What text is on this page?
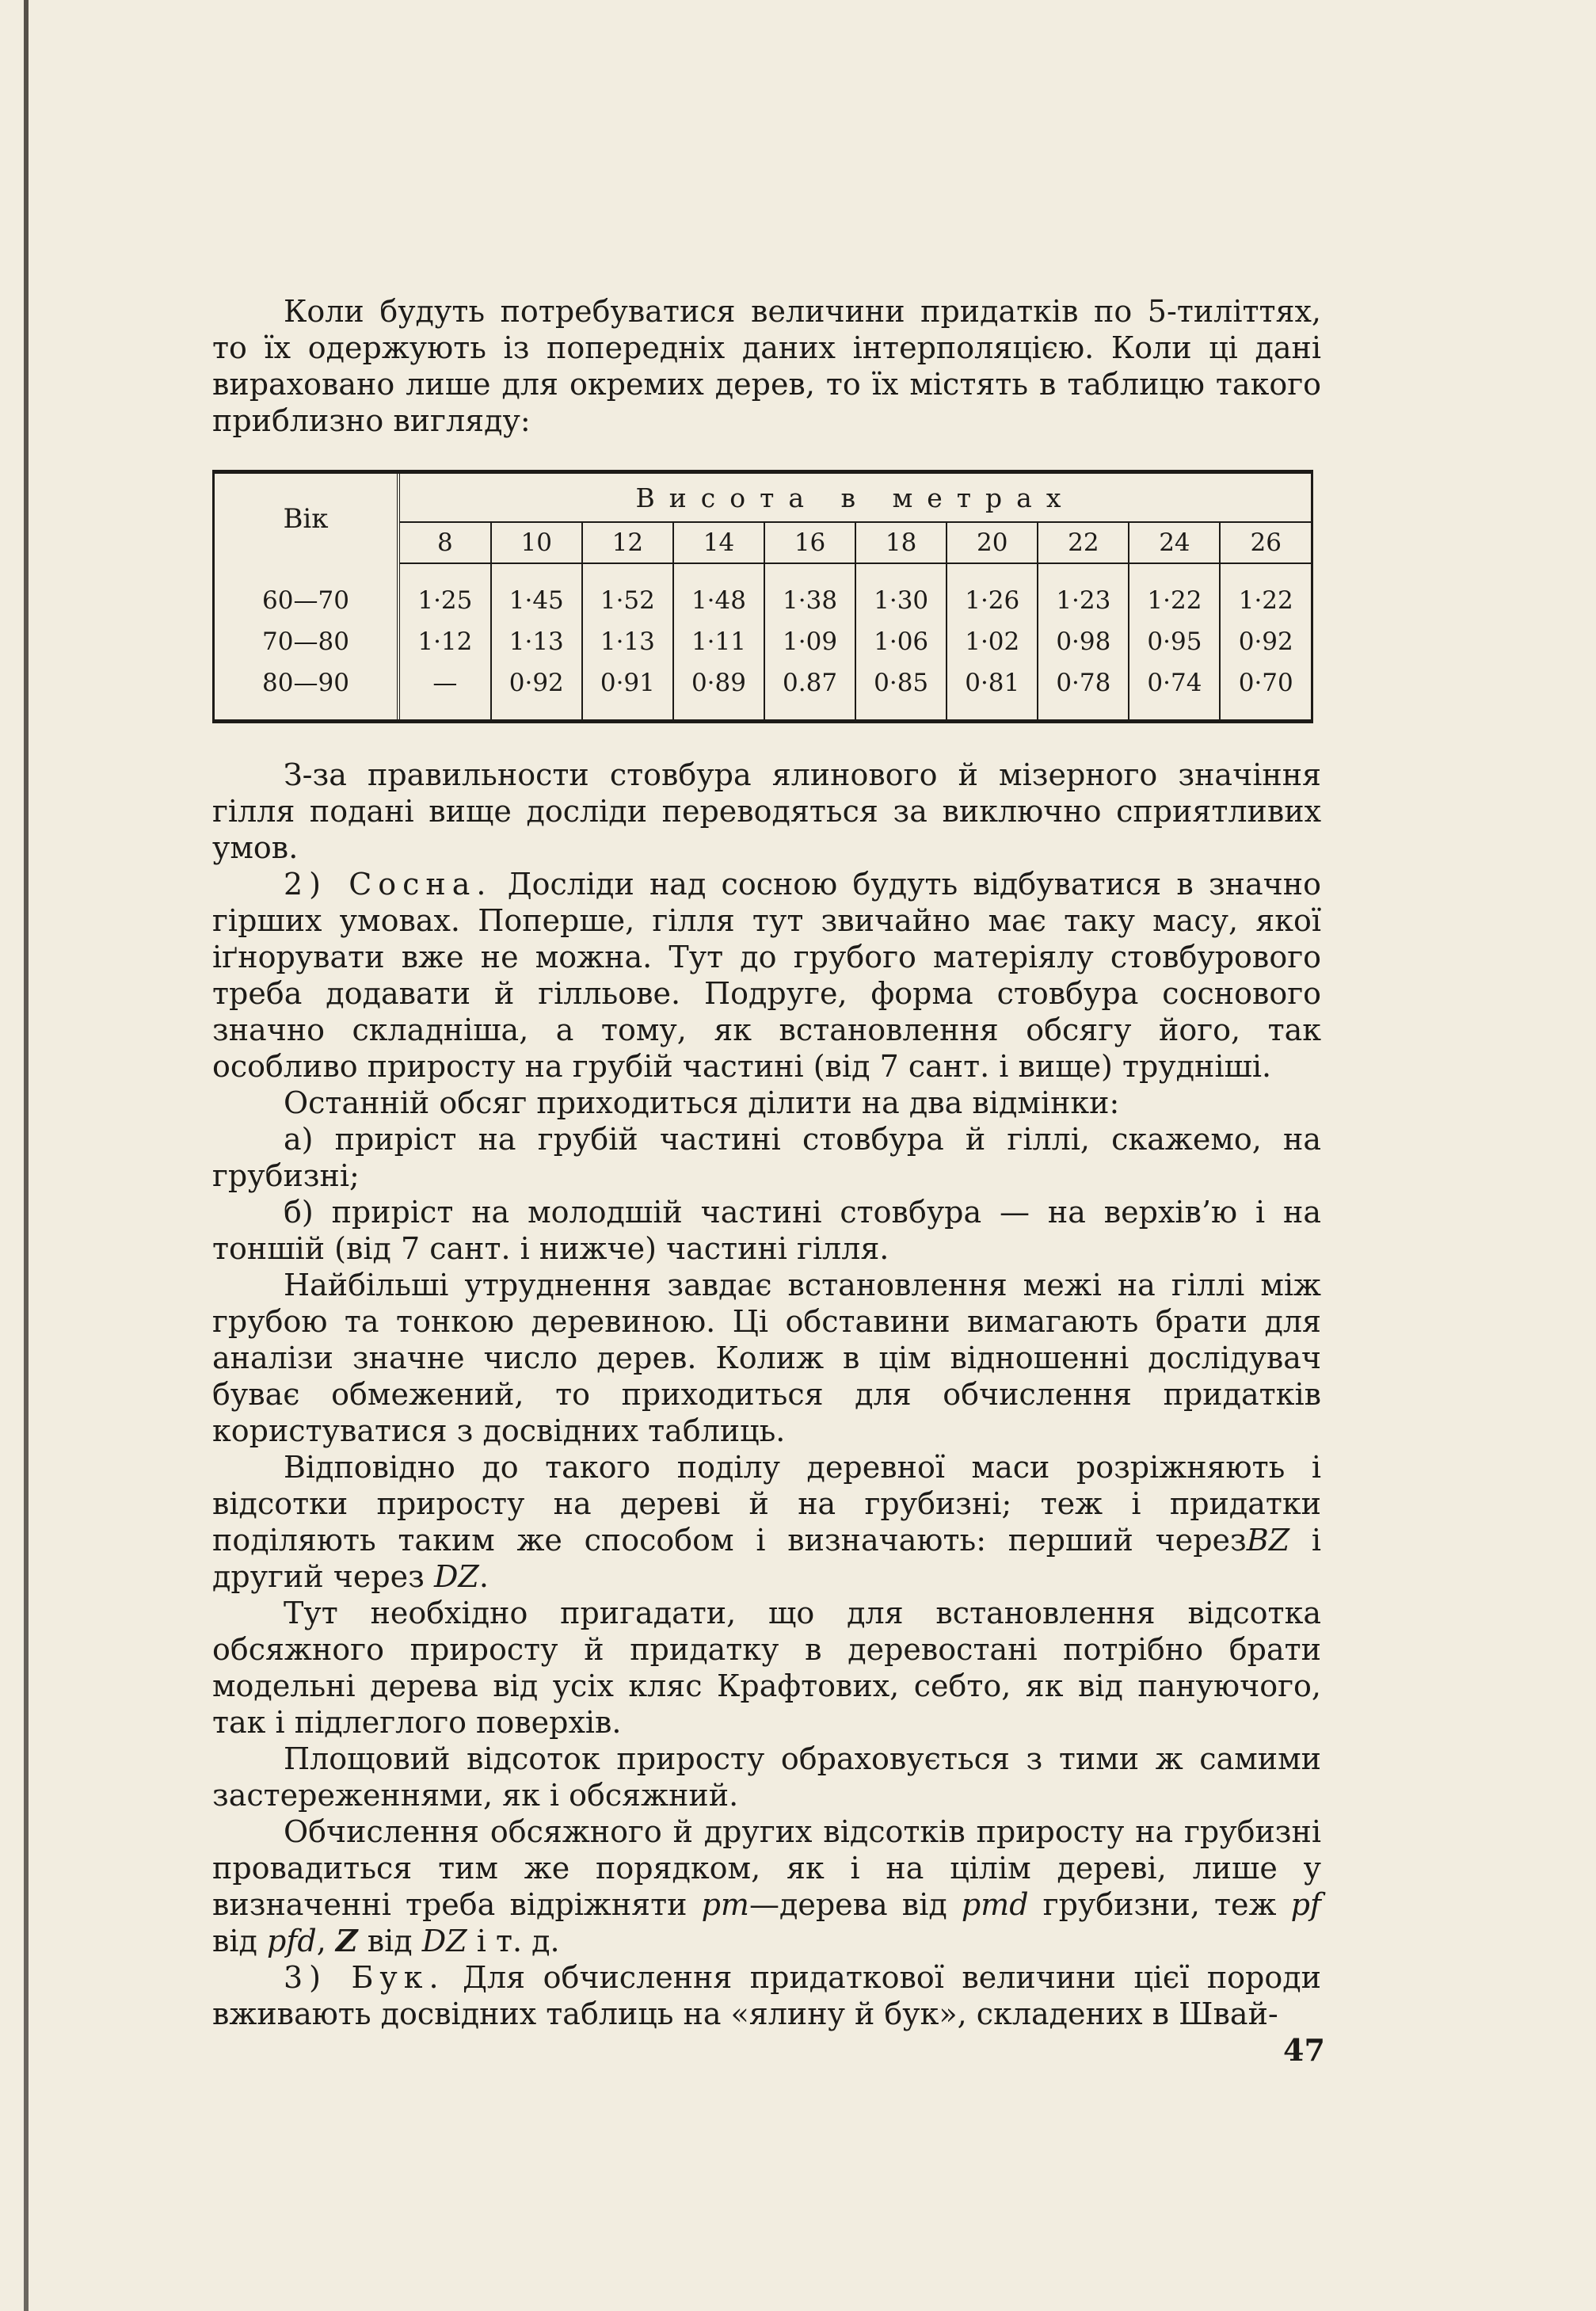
Коли будуть потребуватися величини придатків по 5-тиліттях, то їх одержують із попередніх даних інтерполяцією. Коли ці дані вираховано лише для окремих дерев, то їх містять в таблицю такого приблизно вигляду:

Вік	Висота в метрах									
	8	10	12	14	16	18	20	22	24	26

60—70	1·25	1·45	1·52	1·48	1·38	1·30	1·26	1·23	1·22	1·22
70—80	1·12	1·13	1·13	1·11	1·09	1·06	1·02	0·98	0·95	0·92
80—90	—	0·92	0·91	0·89	0.87	0·85	0·81	0·78	0·74	0·70

З-за правильности стовбура ялинового й мізерного значіння гілля подані вище досліди переводяться за виключно сприятливих умов.

2) Сосна. Досліди над сосною будуть відбуватися в значно гірших умовах. Поперше, гілля тут звичайно має таку масу, якої іґнорувати вже не можна. Тут до грубого матеріялу стовбурового треба додавати й гілльове. Подруге, форма стовбура соснового значно складніша, а тому, як встановлення обсягу його, так особливо приросту на грубій частині (від 7 сант. і вище) трудніші.

Останній обсяг приходиться ділити на два відмінки:

а) приріст на грубій частині стовбура й гіллі, скажемо, на грубизні;

б) приріст на молодшій частині стовбура — на верхів’ю і на тоншій (від 7 сант. і нижче) частині гілля.

Найбільші утруднення завдає встановлення межі на гіллі між грубою та тонкою деревиною. Ці обставини вимагають брати для аналізи значне число дерев. Колиж в цім відношенні дослідувач буває обмежений, то приходиться для обчислення придатків користуватися з досвідних таблиць.

Відповідно до такого поділу деревної маси розріжняють і відсотки приросту на дереві й на грубизні; теж і придатки поділяють таким же способом і визначають: перший черезBZ і другий через DZ.

Тут необхідно пригадати, що для встановлення відсотка обсяжного приросту й придатку в деревостані потрібно брати модельні дерева від усіх кляс Крафтових, себто, як від пануючого, так і підлеглого поверхів.

Площовий відсоток приросту обраховується з тими ж самими застереженнями, як і обсяжний.

Обчислення обсяжного й других відсотків приросту на грубизні провадиться тим же порядком, як і на цілім дереві, лише у визначенні треба відріжняти pm—дерева від pmd грубизни, теж pf від pfd, Z від DZ і т. д.

3) Бук. Для обчислення придаткової величини цієї породи вживають досвідних таблиць на «ялину й бук», складених в Швай-

47
